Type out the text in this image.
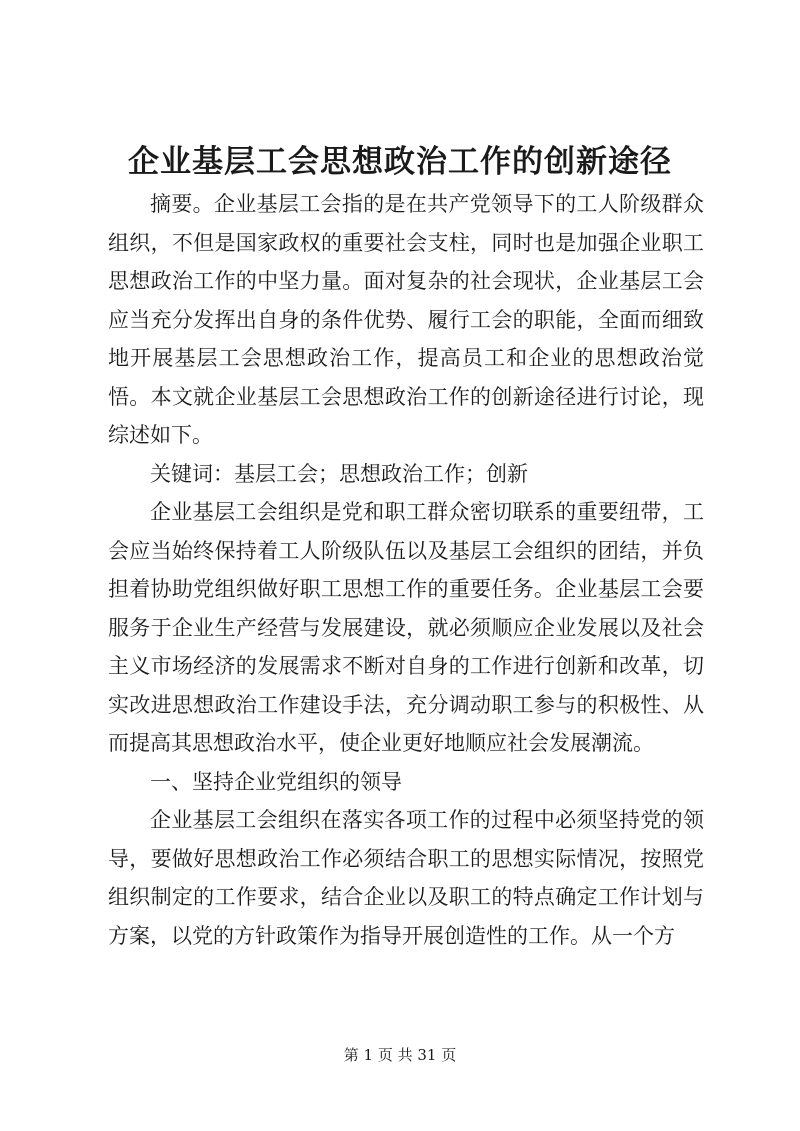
企业基层工会思想政治工作的创新途径

摘要。企业基层工会指的是在共产党领导下的工人阶级群众组织，不但是国家政权的重要社会支柱，同时也是加强企业职工思想政治工作的中坚力量。面对复杂的社会现状，企业基层工会应当充分发挥出自身的条件优势、履行工会的职能，全面而细致地开展基层工会思想政治工作，提高员工和企业的思想政治觉悟。本文就企业基层工会思想政治工作的创新途径进行讨论，现综述如下。

关键词：基层工会；思想政治工作；创新

企业基层工会组织是党和职工群众密切联系的重要纽带，工会应当始终保持着工人阶级队伍以及基层工会组织的团结，并负担着协助党组织做好职工思想工作的重要任务。企业基层工会要服务于企业生产经营与发展建设，就必须顺应企业发展以及社会主义市场经济的发展需求不断对自身的工作进行创新和改革，切实改进思想政治工作建设手法，充分调动职工参与的积极性、从而提高其思想政治水平，使企业更好地顺应社会发展潮流。

一、坚持企业党组织的领导

企业基层工会组织在落实各项工作的过程中必须坚持党的领导，要做好思想政治工作必须结合职工的思想实际情况，按照党组织制定的工作要求，结合企业以及职工的特点确定工作计划与方案，以党的方针政策作为指导开展创造性的工作。从一个方

第 1 页 共 31 页
